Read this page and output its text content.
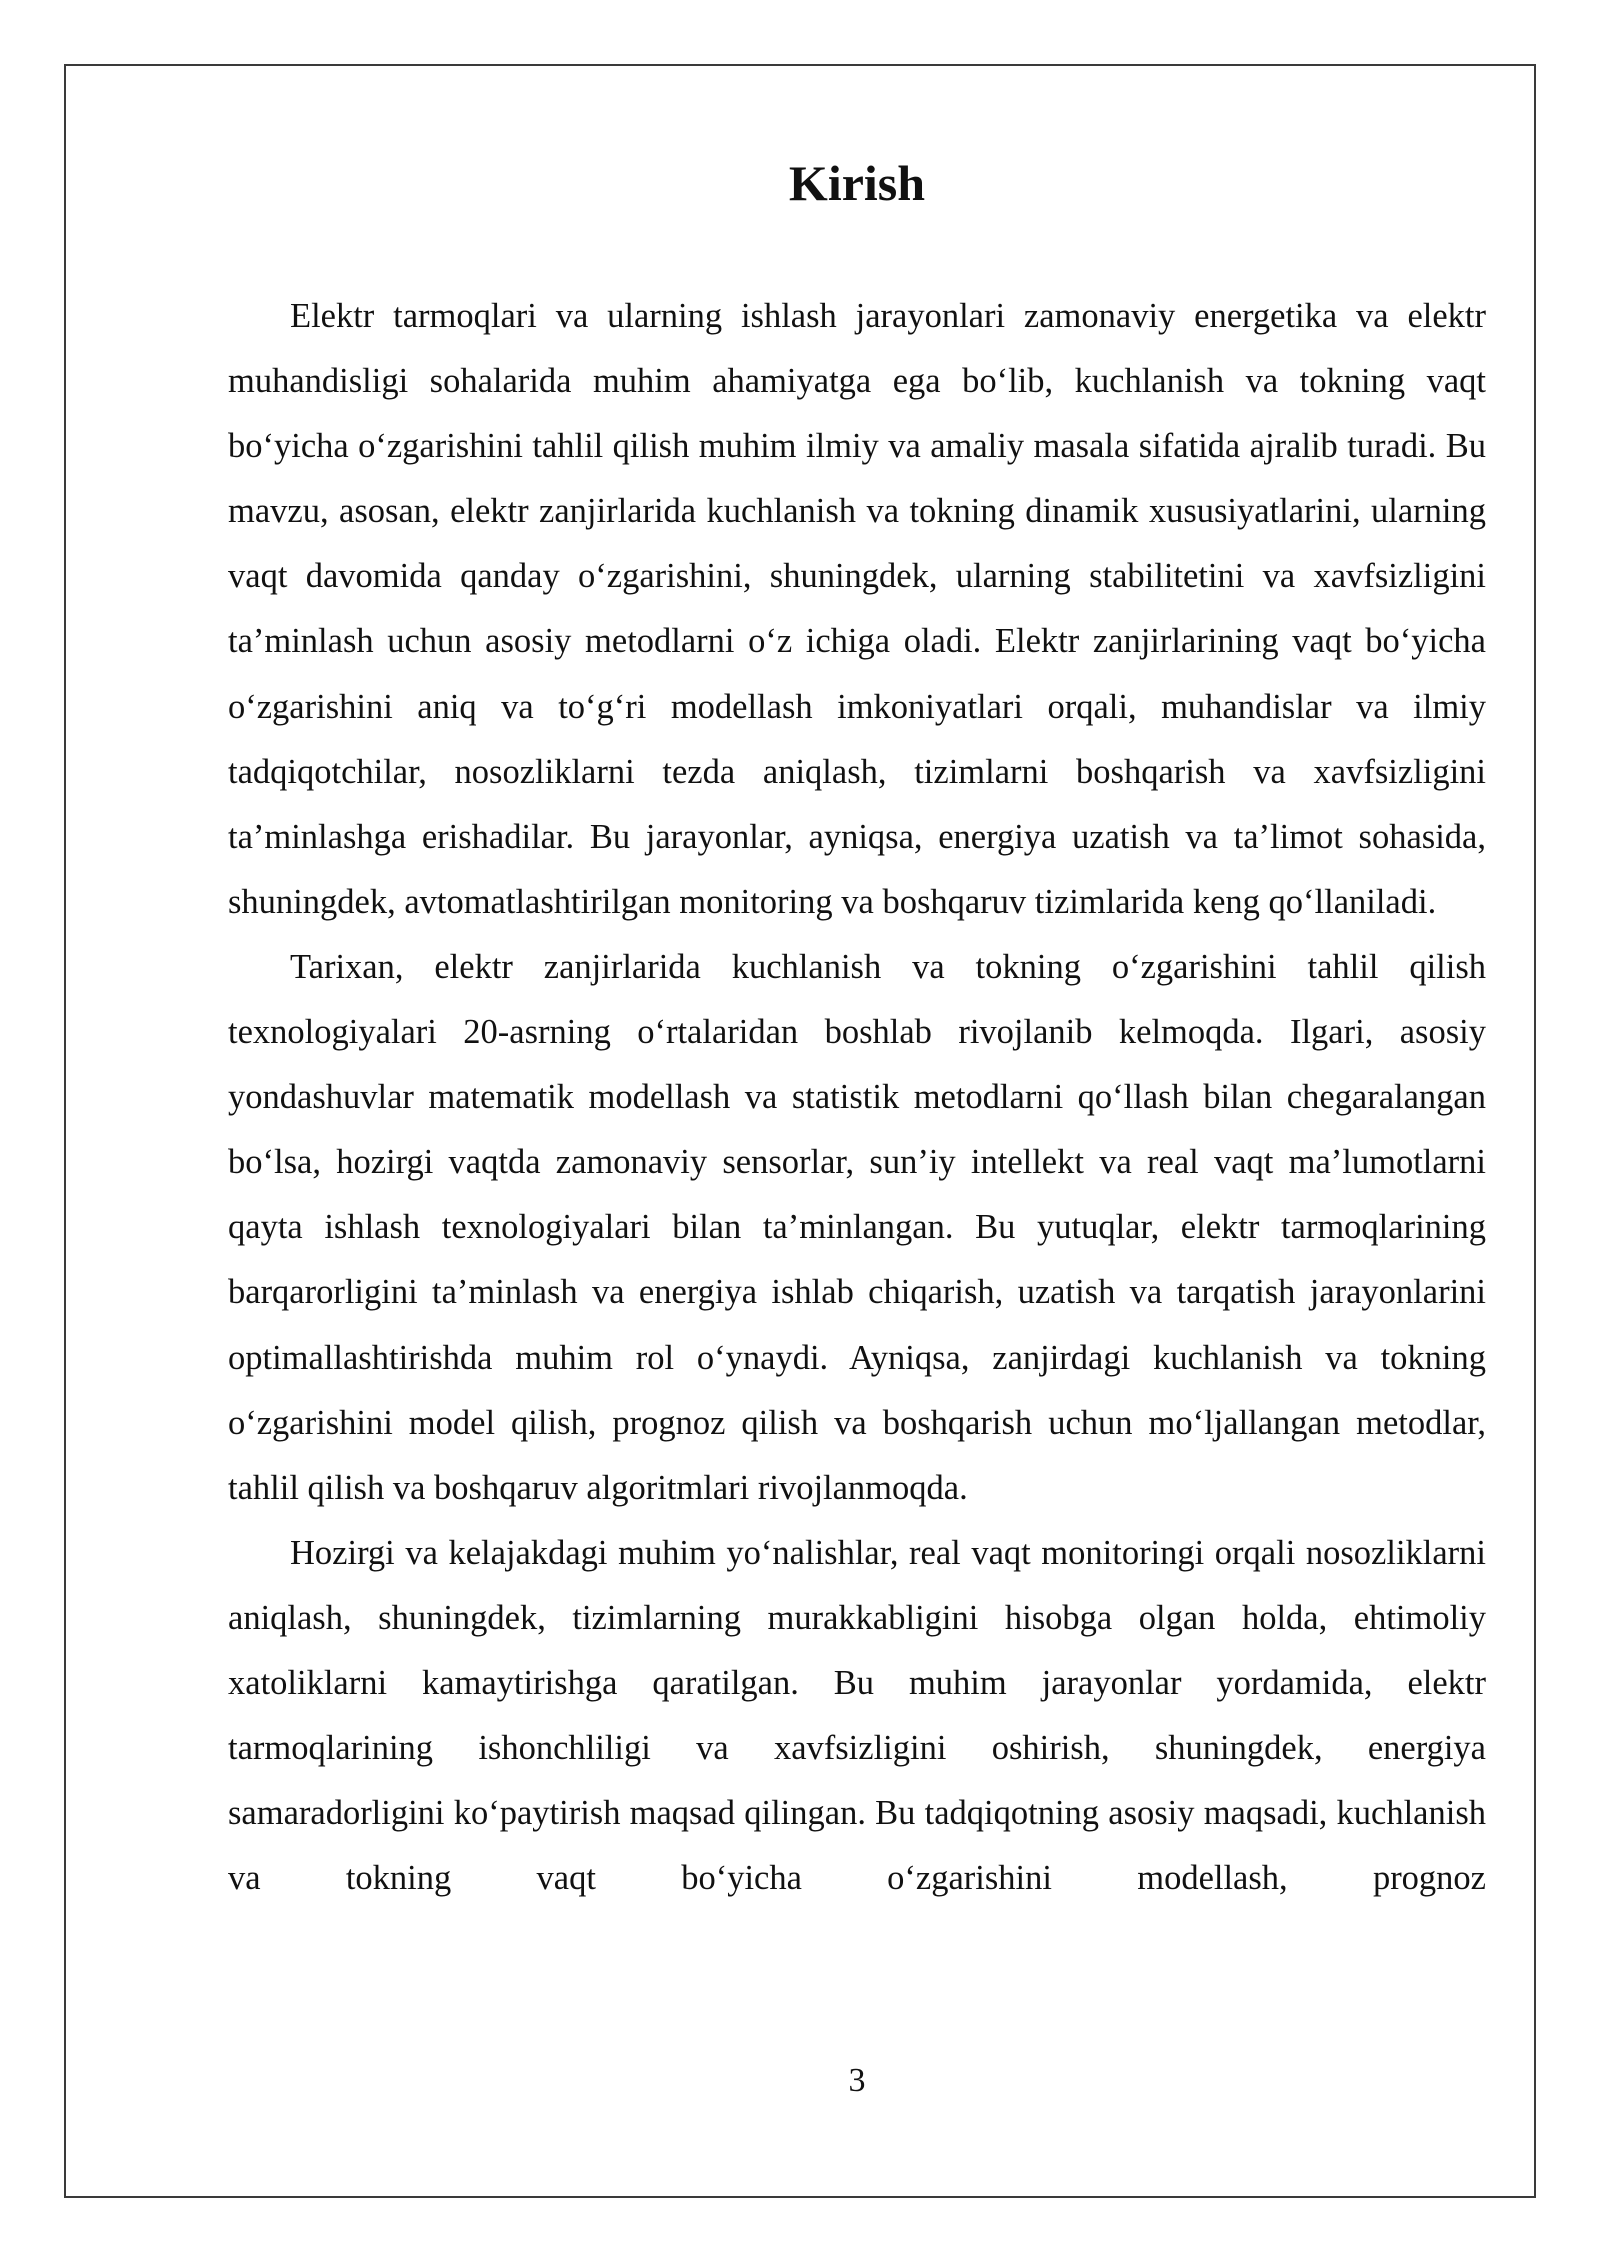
Kirish

Elektr tarmoqlari va ularning ishlash jarayonlari zamonaviy energetika va elektr muhandisligi sohalarida muhim ahamiyatga ega bo‘lib, kuchlanish va tokning vaqt bo‘yicha o‘zgarishini tahlil qilish muhim ilmiy va amaliy masala sifatida ajralib turadi. Bu mavzu, asosan, elektr zanjirlarida kuchlanish va tokning dinamik xususiyatlarini, ularning vaqt davomida qanday o‘zgarishini, shuningdek, ularning stabilitetini va xavfsizligini ta’minlash uchun asosiy metodlarni o‘z ichiga oladi. Elektr zanjirlarining vaqt bo‘yicha o‘zgarishini aniq va to‘g‘ri modellash imkoniyatlari orqali, muhandislar va ilmiy tadqiqotchilar, nosozliklarni tezda aniqlash, tizimlarni boshqarish va xavfsizligini ta’minlashga erishadilar. Bu jarayonlar, ayniqsa, energiya uzatish va ta’limot sohasida, shuningdek, avtomatlashtirilgan monitoring va boshqaruv tizimlarida keng qo‘llaniladi.

Tarixan, elektr zanjirlarida kuchlanish va tokning o‘zgarishini tahlil qilish texnologiyalari 20-asrning o‘rtalaridan boshlab rivojlanib kelmoqda. Ilgari, asosiy yondashuvlar matematik modellash va statistik metodlarni qo‘llash bilan chegaralangan bo‘lsa, hozirgi vaqtda zamonaviy sensorlar, sun’iy intellekt va real vaqt ma’lumotlarni qayta ishlash texnologiyalari bilan ta’minlangan. Bu yutuqlar, elektr tarmoqlarining barqarorligini ta’minlash va energiya ishlab chiqarish, uzatish va tarqatish jarayonlarini optimallashtirishda muhim rol o‘ynaydi. Ayniqsa, zanjirdagi kuchlanish va tokning o‘zgarishini model qilish, prognoz qilish va boshqarish uchun mo‘ljallangan metodlar, tahlil qilish va boshqaruv algoritmlari rivojlanmoqda.

Hozirgi va kelajakdagi muhim yo‘nalishlar, real vaqt monitoringi orqali nosozliklarni aniqlash, shuningdek, tizimlarning murakkabligini hisobga olgan holda, ehtimoliy xatoliklarni kamaytirishga qaratilgan. Bu muhim jarayonlar yordamida, elektr tarmoqlarining ishonchliligi va xavfsizligini oshirish, shuningdek, energiya samaradorligini ko‘paytirish maqsad qilingan. Bu tadqiqotning asosiy maqsadi, kuchlanish va tokning vaqt bo‘yicha o‘zgarishini modellash, prognoz

3
